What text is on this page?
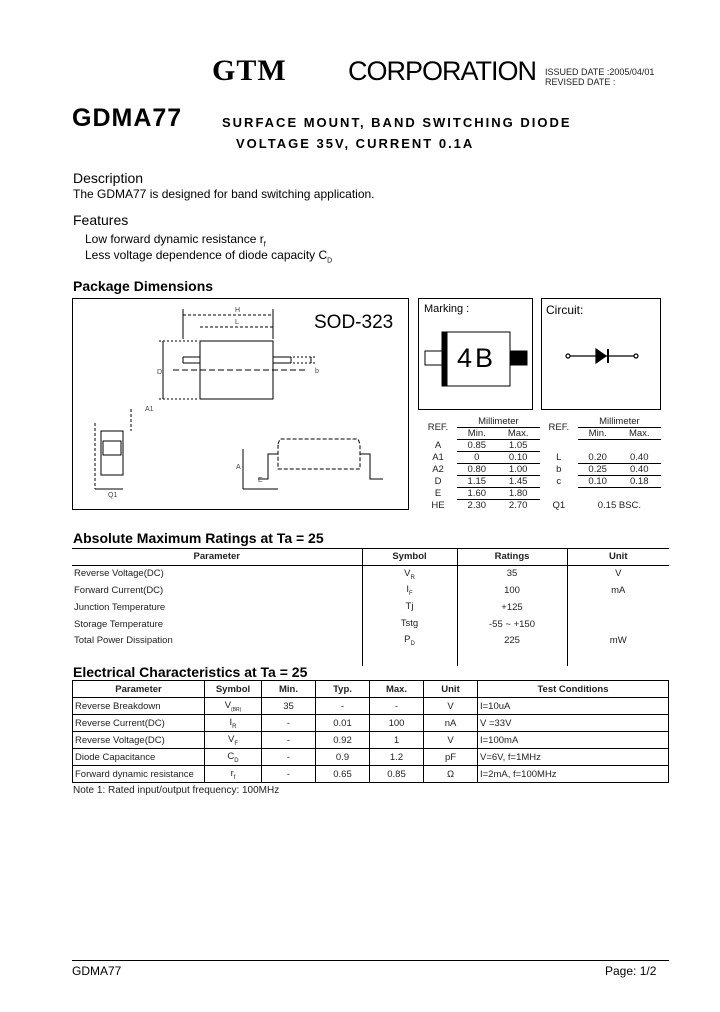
GTM CORPORATION ISSUED DATE :2005/04/01
REVISED DATE :
GDMA77	SURFACE MOUNT, BAND SWITCHING DIODE
VOLTAGE 35V, CURRENT 0.1A
Description
The GDMA77 is designed for band switching application.
Features
Low forward dynamic resistance $r_f$
Less voltage dependence of diode capacity $C_D$
Package Dimensions
SOD-323
H
L
D	b
A1
Q1
A
E
Marking :
4B
Circuit:
REF.	Millimeter		REF.	Millimeter	
	Min.	Max.		Min.	Max.
A	0.85	1.05			
A1	0	0.10	L	0.20	0.40
A2	0.80	1.00	b	0.25	0.40
D	1.15	1.45	c	0.10	0.18
E	1.60	1.80			
HE	2.30	2.70	Q1	0.15 BSC.	
Absolute Maximum Ratings at Ta = 25
Parameter	Symbol	Ratings	Unit
Reverse Voltage(DC)	$V_R$	35	V
Forward Current(DC)	$I_F$	100	mA
Junction Temperature	Tj	+125	
Storage Temperature	Tstg	-55 ~ +150	
Total Power Dissipation	$P_D$	225	mW

Electrical Characteristics at Ta = 25
Parameter	Symbol	Min.	Typ.	Max.	Unit	Test Conditions
Reverse Breakdown	$V_{(BR)}$	35	-	-	V	I=10uA
Reverse Current(DC)	$I_R$	-	0.01	100	nA	V =33V
Reverse Voltage(DC)	$V_F$	-	0.92	1	V	I=100mA
Diode Capacitance	$C_D$	-	0.9	1.2	pF	V=6V, f=1MHz
Forward dynamic resistance	$r_f$	-	0.65	0.85	Ω	I=2mA, f=100MHz
Note 1: Rated input/output frequency: 100MHz
GDMA77	Page: 1/2
